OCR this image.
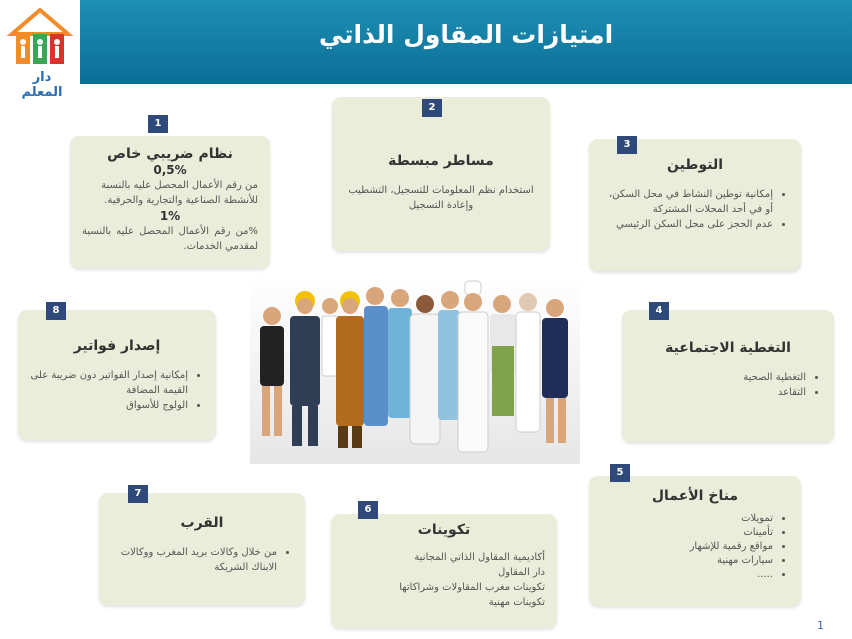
امتيازات المقاول الذاتي
دار المعلم
نظام ضريبي خاص
0,5%
من رقم الأعمال المحصل عليه بالنسبة للأنشطة الصناعية والتجارية والحرفية.
1%
%من رقم الأعمال المحصل عليه بالنسبة لمقدمي الخدمات.
1
مساطر مبسطة
استخدام نظم المعلومات للتسجيل، التشطيب وإعادة التسجيل
2
التوطين
• إمكانية توطين النشاط في محل السكن، أو في أحد المحلات المشتركة
• عدم الحجز على محل السكن الرئيسي
3
إصدار فواتير
• إمكانية إصدار الفواتير دون ضريبة على القيمة المضافة
• الولوج للأسواق
8
التغطية الاجتماعية
• التغطية الصحية
• التقاعد
4
القرب
• من خلال وكالات بريد المغرب ووكالات الابناك الشريكة
7
تكوينات
أكاديمية المقاول الذاتي المجانية
دار المقاول
تكوينات مغرب المقاولات وشراكاتها
تكوينات مهنية
6
مناخ الأعمال
• تمويلات
• تأمينات
• مواقع رقمية للإشهار
• سيارات مهنية
• .....
5
1
